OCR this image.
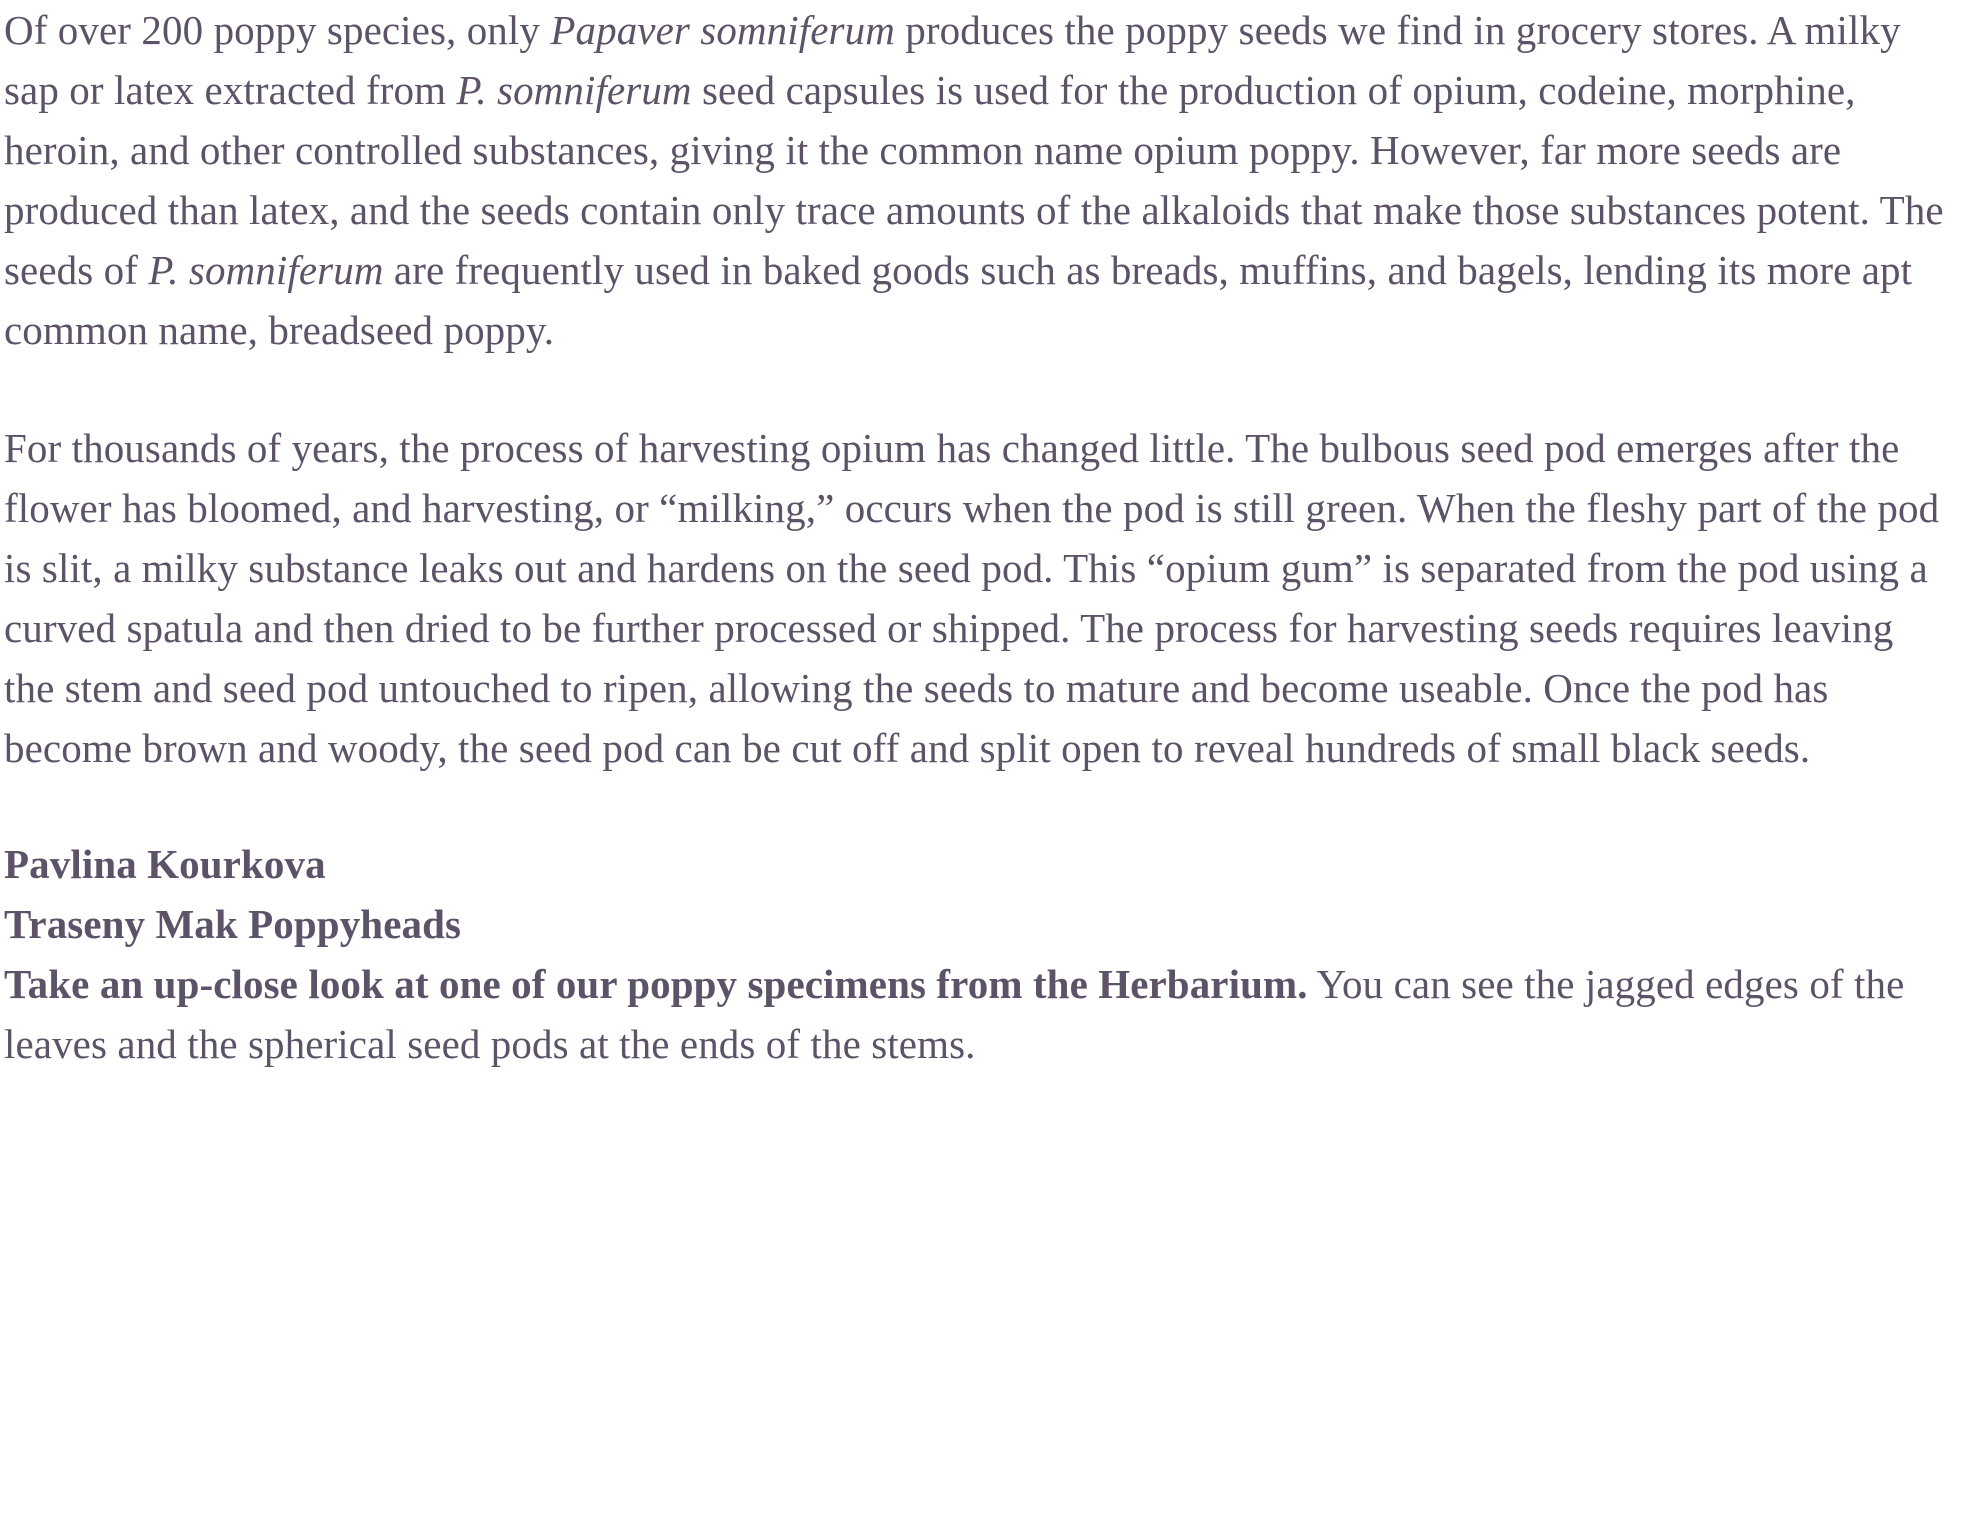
Of over 200 poppy species, only Papaver somniferum produces the poppy seeds we find in grocery stores. A milky sap or latex extracted from P. somniferum seed capsules is used for the production of opium, codeine, morphine, heroin, and other controlled substances, giving it the common name opium poppy. However, far more seeds are produced than latex, and the seeds contain only trace amounts of the alkaloids that make those substances potent. The seeds of P. somniferum are frequently used in baked goods such as breads, muffins, and bagels, lending its more apt common name, breadseed poppy.

For thousands of years, the process of harvesting opium has changed little. The bulbous seed pod emerges after the flower has bloomed, and harvesting, or “milking,” occurs when the pod is still green. When the fleshy part of the pod is slit, a milky substance leaks out and hardens on the seed pod. This “opium gum” is separated from the pod using a curved spatula and then dried to be further processed or shipped. The process for harvesting seeds requires leaving the stem and seed pod untouched to ripen, allowing the seeds to mature and become useable. Once the pod has become brown and woody, the seed pod can be cut off and split open to reveal hundreds of small black seeds.

Pavlina Kourkova
Traseny Mak Poppyheads

Take an up-close look at one of our poppy specimens from the Herbarium. You can see the jagged edges of the leaves and the spherical seed pods at the ends of the stems.
